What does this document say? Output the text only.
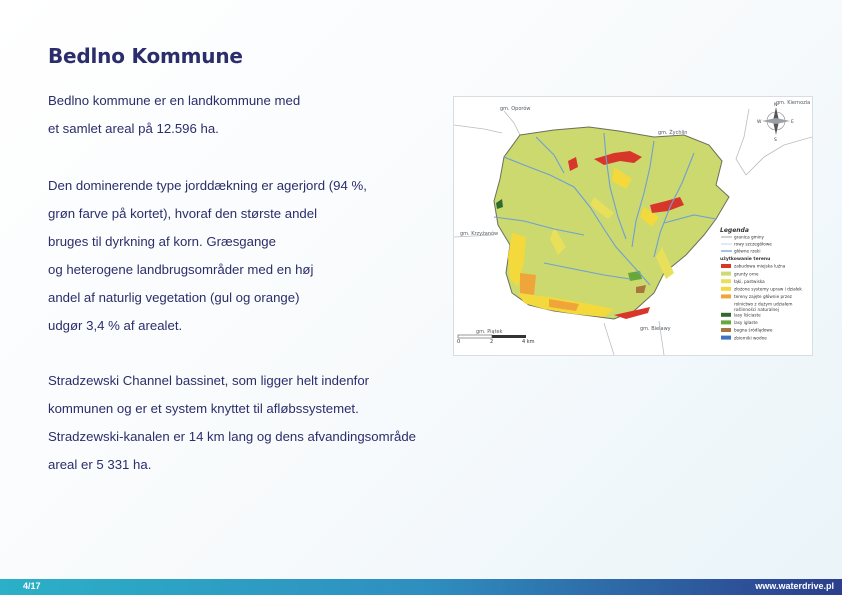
Bedlno Kommune
Bedlno kommune er en landkommune med
et samlet areal på 12.596 ha.
Den dominerende type jorddækning er agerjord (94 %,
grøn farve på kortet), hvoraf den største andel
bruges til dyrkning af korn. Græsgange
og heterogene landbrugsområder med en høj
andel af naturlig vegetation (gul og orange)
udgør 3,4 % af arealet.
Stradzewski Channel bassinet, som ligger helt indenfor
kommunen og er et system knyttet til afløbssystemet.
Stradzewski-kanalen er 14 km lang og dens afvandingsområde
areal er 5 331 ha.
gm. Oporów
gm. Żychlin
gm. Krzyżanów
gm. Piątek	gm. Bielawy
gm. Kiernozia
N
S
E
W
0	2	4 km
Legenda
granica gminy
rowy szczegółowe
główne rzeki
użytkowanie terenu
zabudowa miejska luźna
grunty orne
łąki, pastwiska
złożone systemy upraw i działek
tereny zajęte głównie przez
rolnictwo z dużym udziałem
roślinności naturalnej
lasy liściaste
lasy iglaste
bagna śródlądowe
zbiorniki wodne
4/17	www.waterdrive.pl
